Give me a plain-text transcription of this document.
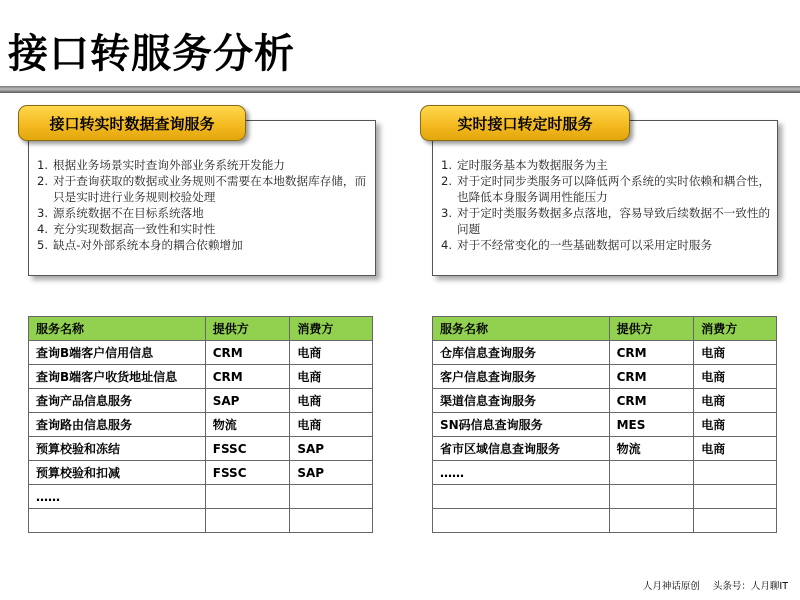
接口转服务分析
1. 根据业务场景实时查询外部业务系统开发能力
2. 对于查询获取的数据或业务规则不需要在本地数据库存储，而只是实时进行业务规则校验处理
3. 源系统数据不在目标系统落地
4. 充分实现数据高一致性和实时性
5. 缺点-对外部系统本身的耦合依赖增加
接口转实时数据查询服务
1. 定时服务基本为数据服务为主
2. 对于定时同步类服务可以降低两个系统的实时依赖和耦合性，也降低本身服务调用性能压力
3. 对于定时类服务数据多点落地，容易导致后续数据不一致性的问题
4. 对于不经常变化的一些基础数据可以采用定时服务
实时接口转定时服务
服务名称	提供方	消费方
查询B端客户信用信息	CRM	电商
查询B端客户收货地址信息	CRM	电商
查询产品信息服务	SAP	电商
查询路由信息服务	物流	电商
预算校验和冻结	FSSC	SAP
预算校验和扣减	FSSC	SAP
……		

服务名称	提供方	消费方
仓库信息查询服务	CRM	电商
客户信息查询服务	CRM	电商
渠道信息查询服务	CRM	电商
SN码信息查询服务	MES	电商
省市区域信息查询服务	物流	电商
……		

人月神话原创 头条号：人月聊IT
